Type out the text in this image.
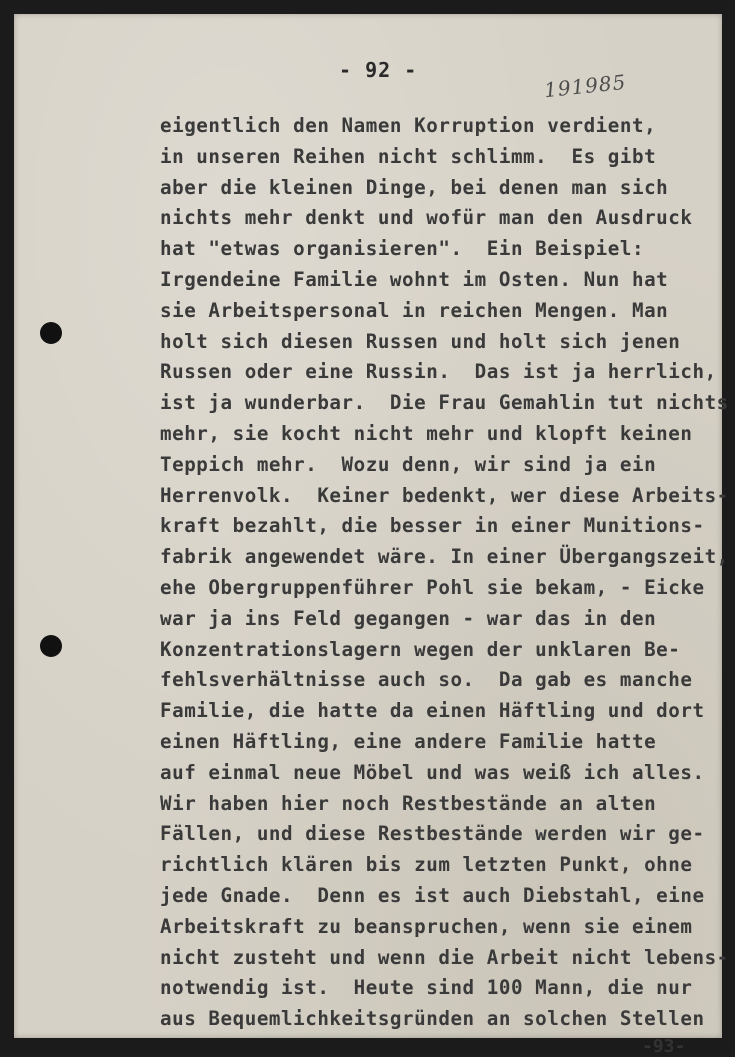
- 92 -	191985
eigentlich den Namen Korruption verdient,
in unseren Reihen nicht schlimm.  Es gibt
aber die kleinen Dinge, bei denen man sich
nichts mehr denkt und wofür man den Ausdruck
hat "etwas organisieren".  Ein Beispiel:
Irgendeine Familie wohnt im Osten. Nun hat
sie Arbeitspersonal in reichen Mengen. Man
holt sich diesen Russen und holt sich jenen
Russen oder eine Russin.  Das ist ja herrlich,
ist ja wunderbar.  Die Frau Gemahlin tut nichts
mehr, sie kocht nicht mehr und klopft keinen
Teppich mehr.  Wozu denn, wir sind ja ein
Herrenvolk.  Keiner bedenkt, wer diese Arbeits-
kraft bezahlt, die besser in einer Munitions-
fabrik angewendet wäre. In einer Übergangszeit,
ehe Obergruppenführer Pohl sie bekam, - Eicke
war ja ins Feld gegangen - war das in den
Konzentrationslagern wegen der unklaren Be-
fehlsverhältnisse auch so.  Da gab es manche
Familie, die hatte da einen Häftling und dort
einen Häftling, eine andere Familie hatte
auf einmal neue Möbel und was weiß ich alles.
Wir haben hier noch Restbestände an alten
Fällen, und diese Restbestände werden wir ge-
richtlich klären bis zum letzten Punkt, ohne
jede Gnade.  Denn es ist auch Diebstahl, eine
Arbeitskraft zu beanspruchen, wenn sie einem
nicht zusteht und wenn die Arbeit nicht lebens-
notwendig ist.  Heute sind 100 Mann, die nur
aus Bequemlichkeitsgründen an solchen Stellen
-93-
